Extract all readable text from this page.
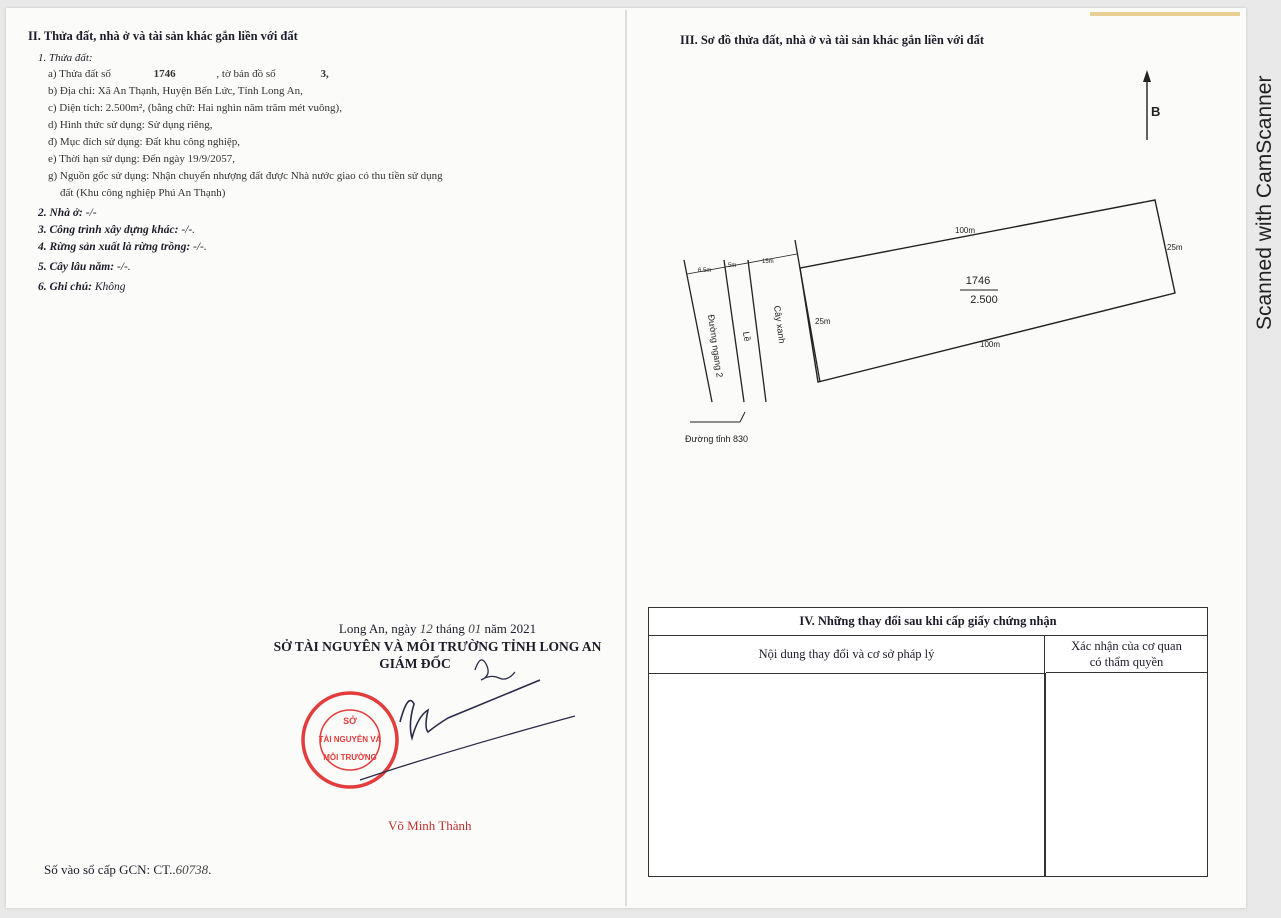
II. Thửa đất, nhà ở và tài sản khác gắn liền với đất
1. Thửa đất:
a) Thửa đất số	1746	, tờ bản đồ số	3,
b) Địa chỉ: Xã An Thạnh, Huyện Bến Lức, Tỉnh Long An,
c) Diện tích: 2.500m², (bằng chữ: Hai nghìn năm trăm mét vuông),
d) Hình thức sử dụng: Sử dụng riêng,
đ) Mục đích sử dụng: Đất khu công nghiệp,
e) Thời hạn sử dụng: Đến ngày 19/9/2057,
g) Nguồn gốc sử dụng: Nhận chuyển nhượng đất được Nhà nước giao có thu tiền sử dụng
đất (Khu công nghiệp Phú An Thạnh)
2. Nhà ở: -/-
3. Công trình xây dựng khác: -/-.
4. Rừng sản xuất là rừng trồng: -/-.
5. Cây lâu năm: -/-.
6. Ghi chú: Không
Long An, ngày 12 tháng 01 năm 2021
SỞ TÀI NGUYÊN VÀ MÔI TRƯỜNG TỈNH LONG AN
GIÁM ĐỐC
SỞ
TÀI NGUYÊN VÀ
MÔI TRƯỜNG
Võ Minh Thành
Số vào sổ cấp GCN: CT..60738.
III. Sơ đồ thửa đất, nhà ở và tài sản khác gắn liền với đất
B
1746
2.500
100m
100m
25m
25m
6.5m
5m
15m
Đường ngang 2 Lề Cây xanh
Đường tỉnh 830
IV. Những thay đổi sau khi cấp giấy chứng nhận
Nội dung thay đổi và cơ sở pháp lý
Xác nhận của cơ quan
có thẩm quyền
Scanned with CamScanner
